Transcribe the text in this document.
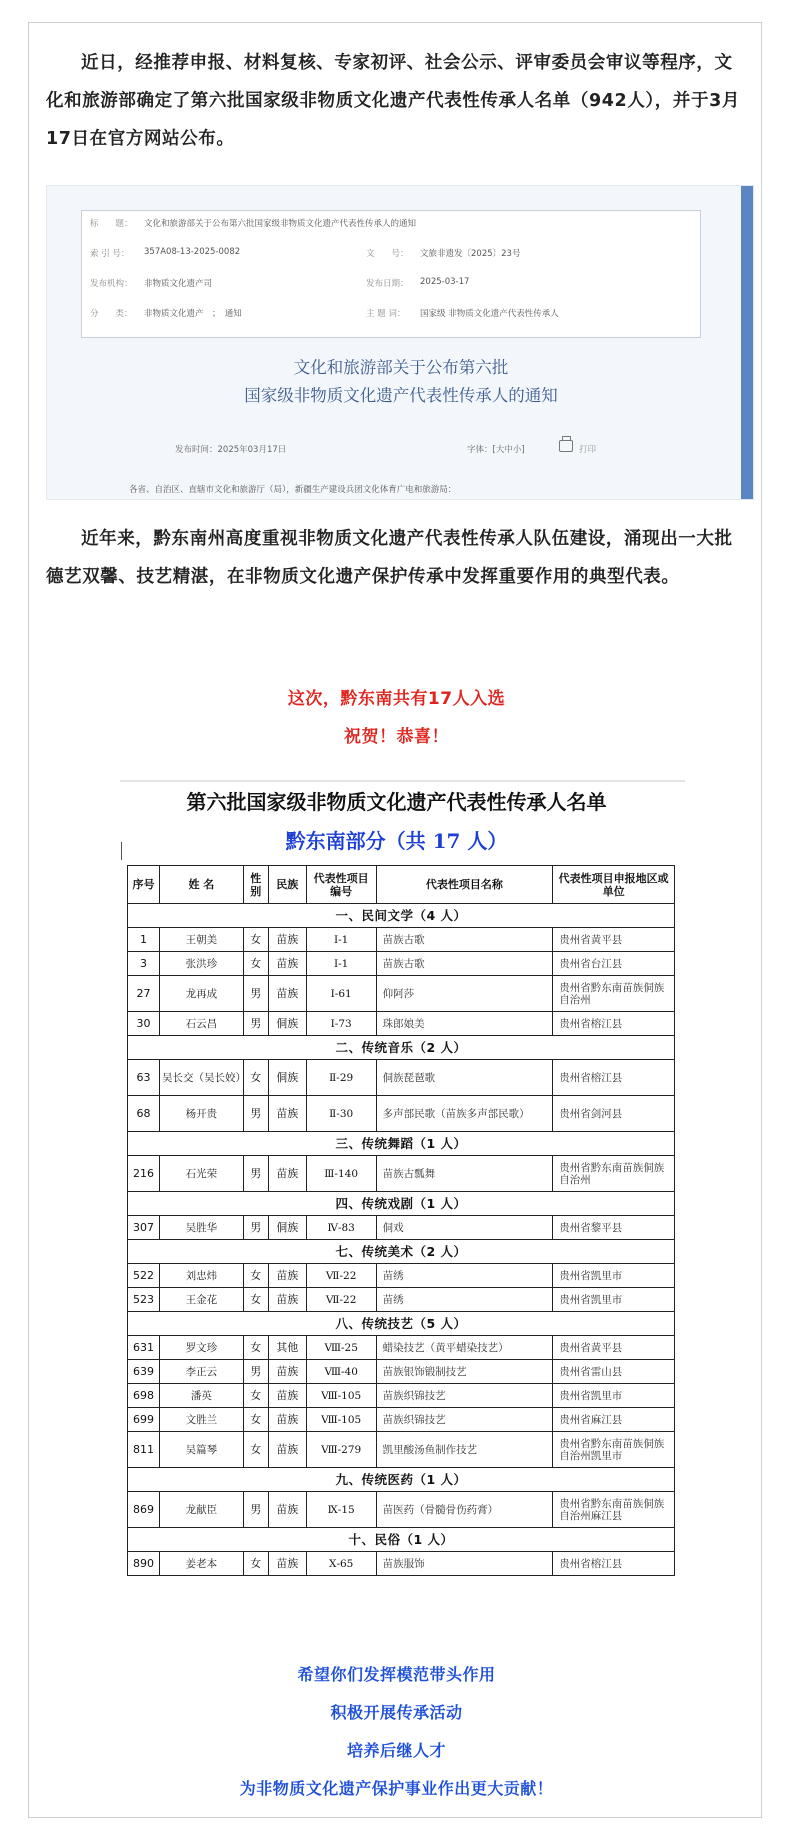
近日，经推荐申报、材料复核、专家初评、社会公示、评审委员会审议等程序，文化和旅游部确定了第六批国家级非物质文化遗产代表性传承人名单（942人），并于3月17日在官方网站公布。

标　　题： 文化和旅游部关于公布第六批国家级非物质文化遗产代表性传承人的通知
索 引 号： 357A08-13-2025-0082	文　　号： 文旅非遗发〔2025〕23号
发布机构： 非物质文化遗产司	发布日期： 2025-03-17
分　　类： 非物质文化遗产　；　通知	主 题 词： 国家级 非物质文化遗产代表性传承人
文化和旅游部关于公布第六批
国家级非物质文化遗产代表性传承人的通知
发布时间：2025年03月17日	字体：[大中小]	打印
各省、自治区、直辖市文化和旅游厅（局），新疆生产建设兵团文化体育广电和旅游局：

近年来，黔东南州高度重视非物质文化遗产代表性传承人队伍建设，涌现出一大批德艺双馨、技艺精湛，在非物质文化遗产保护传承中发挥重要作用的典型代表。

这次，黔东南共有17人入选
祝贺！恭喜！
第六批国家级非物质文化遗产代表性传承人名单
黔东南部分（共 17 人）
序号	姓 名	性别	民族	代表性项目编号	代表性项目名称	代表性项目申报地区或单位
一、民间文学（4 人）						
1	王朝美	女	苗族	Ⅰ-1	苗族古歌	贵州省黄平县
3	张洪珍	女	苗族	Ⅰ-1	苗族古歌	贵州省台江县
27	龙再成	男	苗族	Ⅰ-61	仰阿莎	贵州省黔东南苗族侗族自治州
30	石云昌	男	侗族	Ⅰ-73	珠郎娘美	贵州省榕江县
二、传统音乐（2 人）						
63	吴长交（吴长姣）	女	侗族	Ⅱ-29	侗族琵琶歌	贵州省榕江县
68	杨开贵	男	苗族	Ⅱ-30	多声部民歌（苗族多声部民歌）	贵州省剑河县
三、传统舞蹈（1 人）						
216	石光荣	男	苗族	Ⅲ-140	苗族古瓢舞	贵州省黔东南苗族侗族自治州
四、传统戏剧（1 人）						
307	吴胜华	男	侗族	Ⅳ-83	侗戏	贵州省黎平县
七、传统美术（2 人）						
522	刘忠炜	女	苗族	Ⅶ-22	苗绣	贵州省凯里市
523	王金花	女	苗族	Ⅶ-22	苗绣	贵州省凯里市
八、传统技艺（5 人）						
631	罗文珍	女	其他	Ⅷ-25	蜡染技艺（黄平蜡染技艺）	贵州省黄平县
639	李正云	男	苗族	Ⅷ-40	苗族银饰锻制技艺	贵州省雷山县
698	潘英	女	苗族	Ⅷ-105	苗族织锦技艺	贵州省凯里市
699	文胜兰	女	苗族	Ⅷ-105	苗族织锦技艺	贵州省麻江县
811	吴篇琴	女	苗族	Ⅷ-279	凯里酸汤鱼制作技艺	贵州省黔东南苗族侗族自治州凯里市
九、传统医药（1 人）						
869	龙献臣	男	苗族	Ⅸ-15	苗医药（骨髓骨伤药膏）	贵州省黔东南苗族侗族自治州麻江县
十、民俗（1 人）						
890	姜老本	女	苗族	Ⅹ-65	苗族服饰	贵州省榕江县
希望你们发挥模范带头作用
积极开展传承活动
培养后继人才
为非物质文化遗产保护事业作出更大贡献！
